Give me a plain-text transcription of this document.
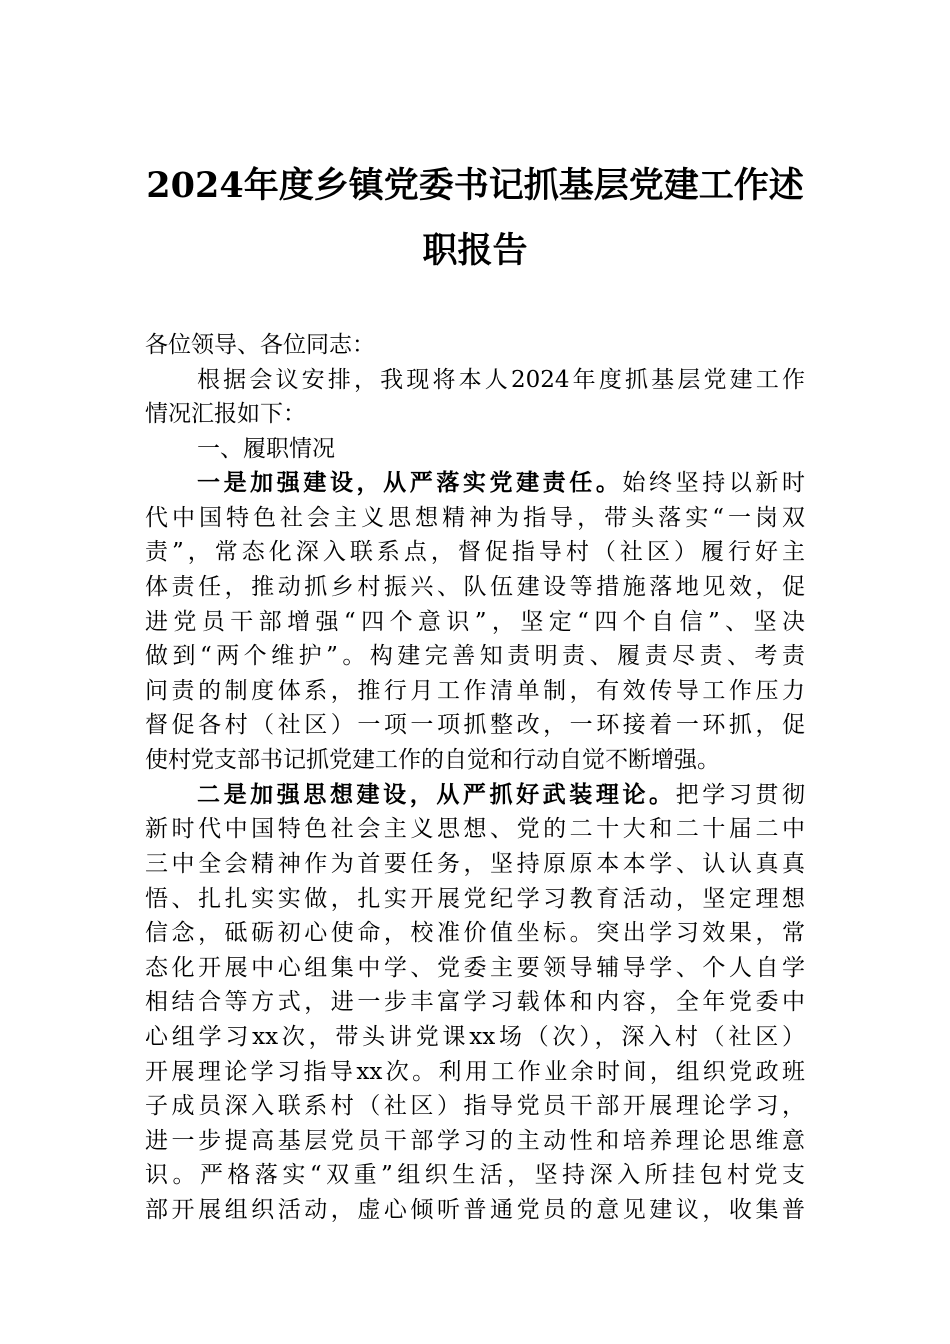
2024年度乡镇党委书记抓基层党建工作述
职报告
各位领导、各位同志：
根据会议安排，我现将本人2024年度抓基层党建工作
情况汇报如下：
一、履职情况
一是加强建设，从严落实党建责任。始终坚持以新时
代中国特色社会主义思想精神为指导，带头落实“一岗双
责”，常态化深入联系点，督促指导村（社区）履行好主
体责任，推动抓乡村振兴、队伍建设等措施落地见效，促
进党员干部增强“四个意识”，坚定“四个自信”、坚决
做到“两个维护”。构建完善知责明责、履责尽责、考责
问责的制度体系，推行月工作清单制，有效传导工作压力
督促各村（社区）一项一项抓整改，一环接着一环抓，促
使村党支部书记抓党建工作的自觉和行动自觉不断增强。
二是加强思想建设，从严抓好武装理论。把学习贯彻
新时代中国特色社会主义思想、党的二十大和二十届二中
三中全会精神作为首要任务，坚持原原本本学、认认真真
悟、扎扎实实做，扎实开展党纪学习教育活动，坚定理想
信念，砥砺初心使命，校准价值坐标。突出学习效果，常
态化开展中心组集中学、党委主要领导辅导学、个人自学
相结合等方式，进一步丰富学习载体和内容，全年党委中
心组学习xx次，带头讲党课xx场（次），深入村（社区）
开展理论学习指导xx次。利用工作业余时间，组织党政班
子成员深入联系村（社区）指导党员干部开展理论学习，
进一步提高基层党员干部学习的主动性和培养理论思维意
识。严格落实“双重”组织生活，坚持深入所挂包村党支
部开展组织活动，虚心倾听普通党员的意见建议，收集普
